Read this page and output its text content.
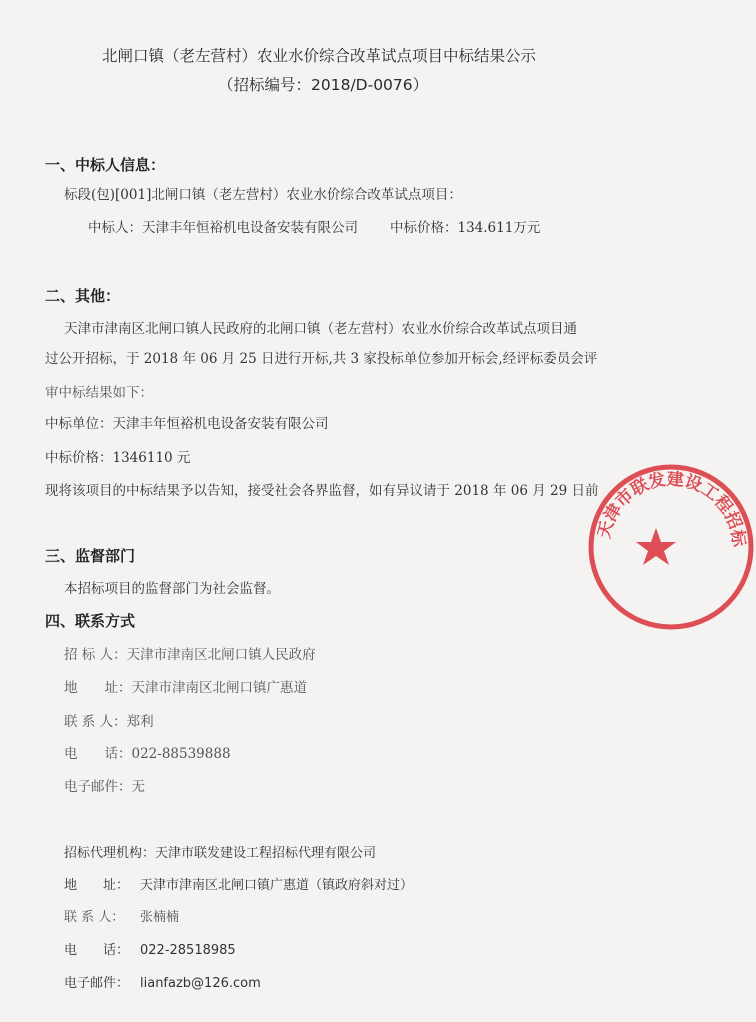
北闸口镇（老左营村）农业水价综合改革试点项目中标结果公示
（招标编号：2018/D-0076）
一、中标人信息：
标段(包)[001]北闸口镇（老左营村）农业水价综合改革试点项目：
中标人：天津丰年恒裕机电设备安装有限公司 中标价格：134.611万元
二、其他：
天津市津南区北闸口镇人民政府的北闸口镇（老左营村）农业水价综合改革试点项目通
过公开招标，于 2018 年 06 月 25 日进行开标,共 3 家投标单位参加开标会,经评标委员会评
审中标结果如下：
中标单位：天津丰年恒裕机电设备安装有限公司
中标价格：1346110 元
现将该项目的中标结果予以告知，接受社会各界监督，如有异议请于 2018 年 06 月 29 日前
三、监督部门
本招标项目的监督部门为社会监督。
四、联系方式
招 标 人：天津市津南区北闸口镇人民政府
地　　址：天津市津南区北闸口镇广惠道
联 系 人：郑利
电　　话：022-88539888
电子邮件：无
招标代理机构：天津市联发建设工程招标代理有限公司
地　　址： 天津市津南区北闸口镇广惠道（镇政府斜对过）
联 系 人： 张楠楠
电　　话： 022-28518985
电子邮件： lianfazb@126.com
天津市联发建设工程招标
